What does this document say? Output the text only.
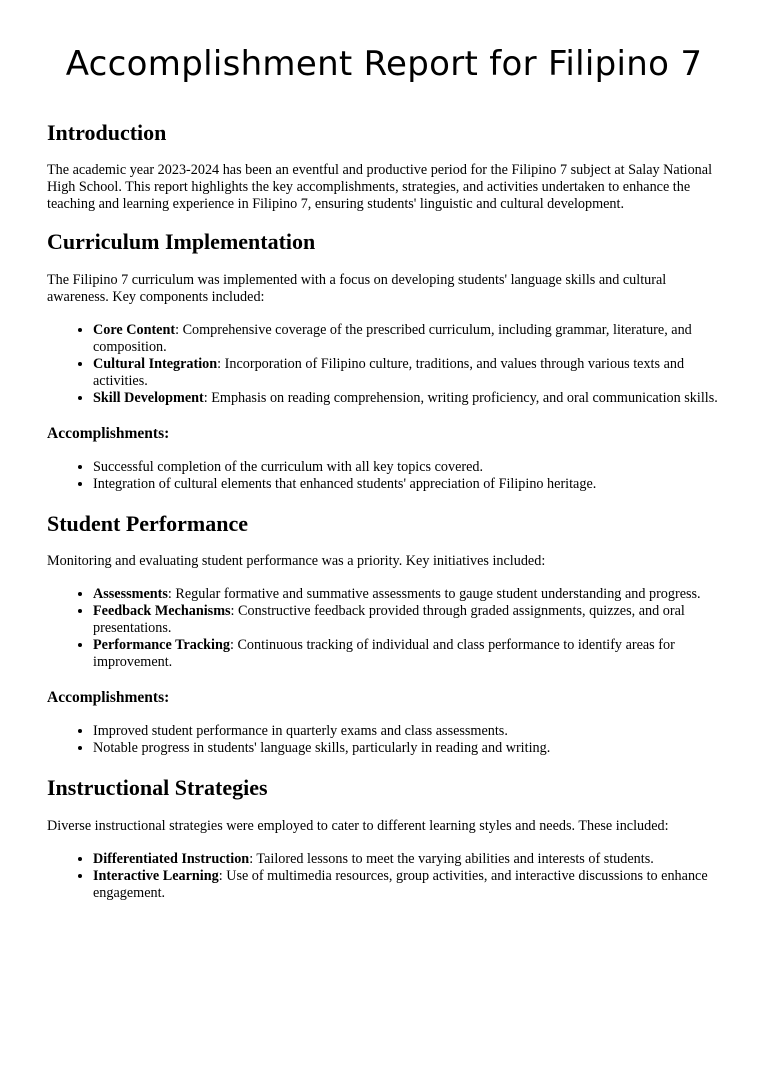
Accomplishment Report for Filipino 7
Introduction

The academic year 2023-2024 has been an eventful and productive period for the Filipino 7 subject at Salay National High School. This report highlights the key accomplishments, strategies, and activities undertaken to enhance the teaching and learning experience in Filipino 7, ensuring students' linguistic and cultural development.

Curriculum Implementation

The Filipino 7 curriculum was implemented with a focus on developing students' language skills and cultural awareness. Key components included:

• Core Content: Comprehensive coverage of the prescribed curriculum, including grammar, literature, and composition.
• Cultural Integration: Incorporation of Filipino culture, traditions, and values through various texts and activities.
• Skill Development: Emphasis on reading comprehension, writing proficiency, and oral communication skills.
Accomplishments:
• Successful completion of the curriculum with all key topics covered.
• Integration of cultural elements that enhanced students' appreciation of Filipino heritage.
Student Performance

Monitoring and evaluating student performance was a priority. Key initiatives included:

• Assessments: Regular formative and summative assessments to gauge student understanding and progress.
• Feedback Mechanisms: Constructive feedback provided through graded assignments, quizzes, and oral presentations.
• Performance Tracking: Continuous tracking of individual and class performance to identify areas for improvement.
Accomplishments:
• Improved student performance in quarterly exams and class assessments.
• Notable progress in students' language skills, particularly in reading and writing.
Instructional Strategies

Diverse instructional strategies were employed to cater to different learning styles and needs. These included:

• Differentiated Instruction: Tailored lessons to meet the varying abilities and interests of students.
• Interactive Learning: Use of multimedia resources, group activities, and interactive discussions to enhance engagement.
